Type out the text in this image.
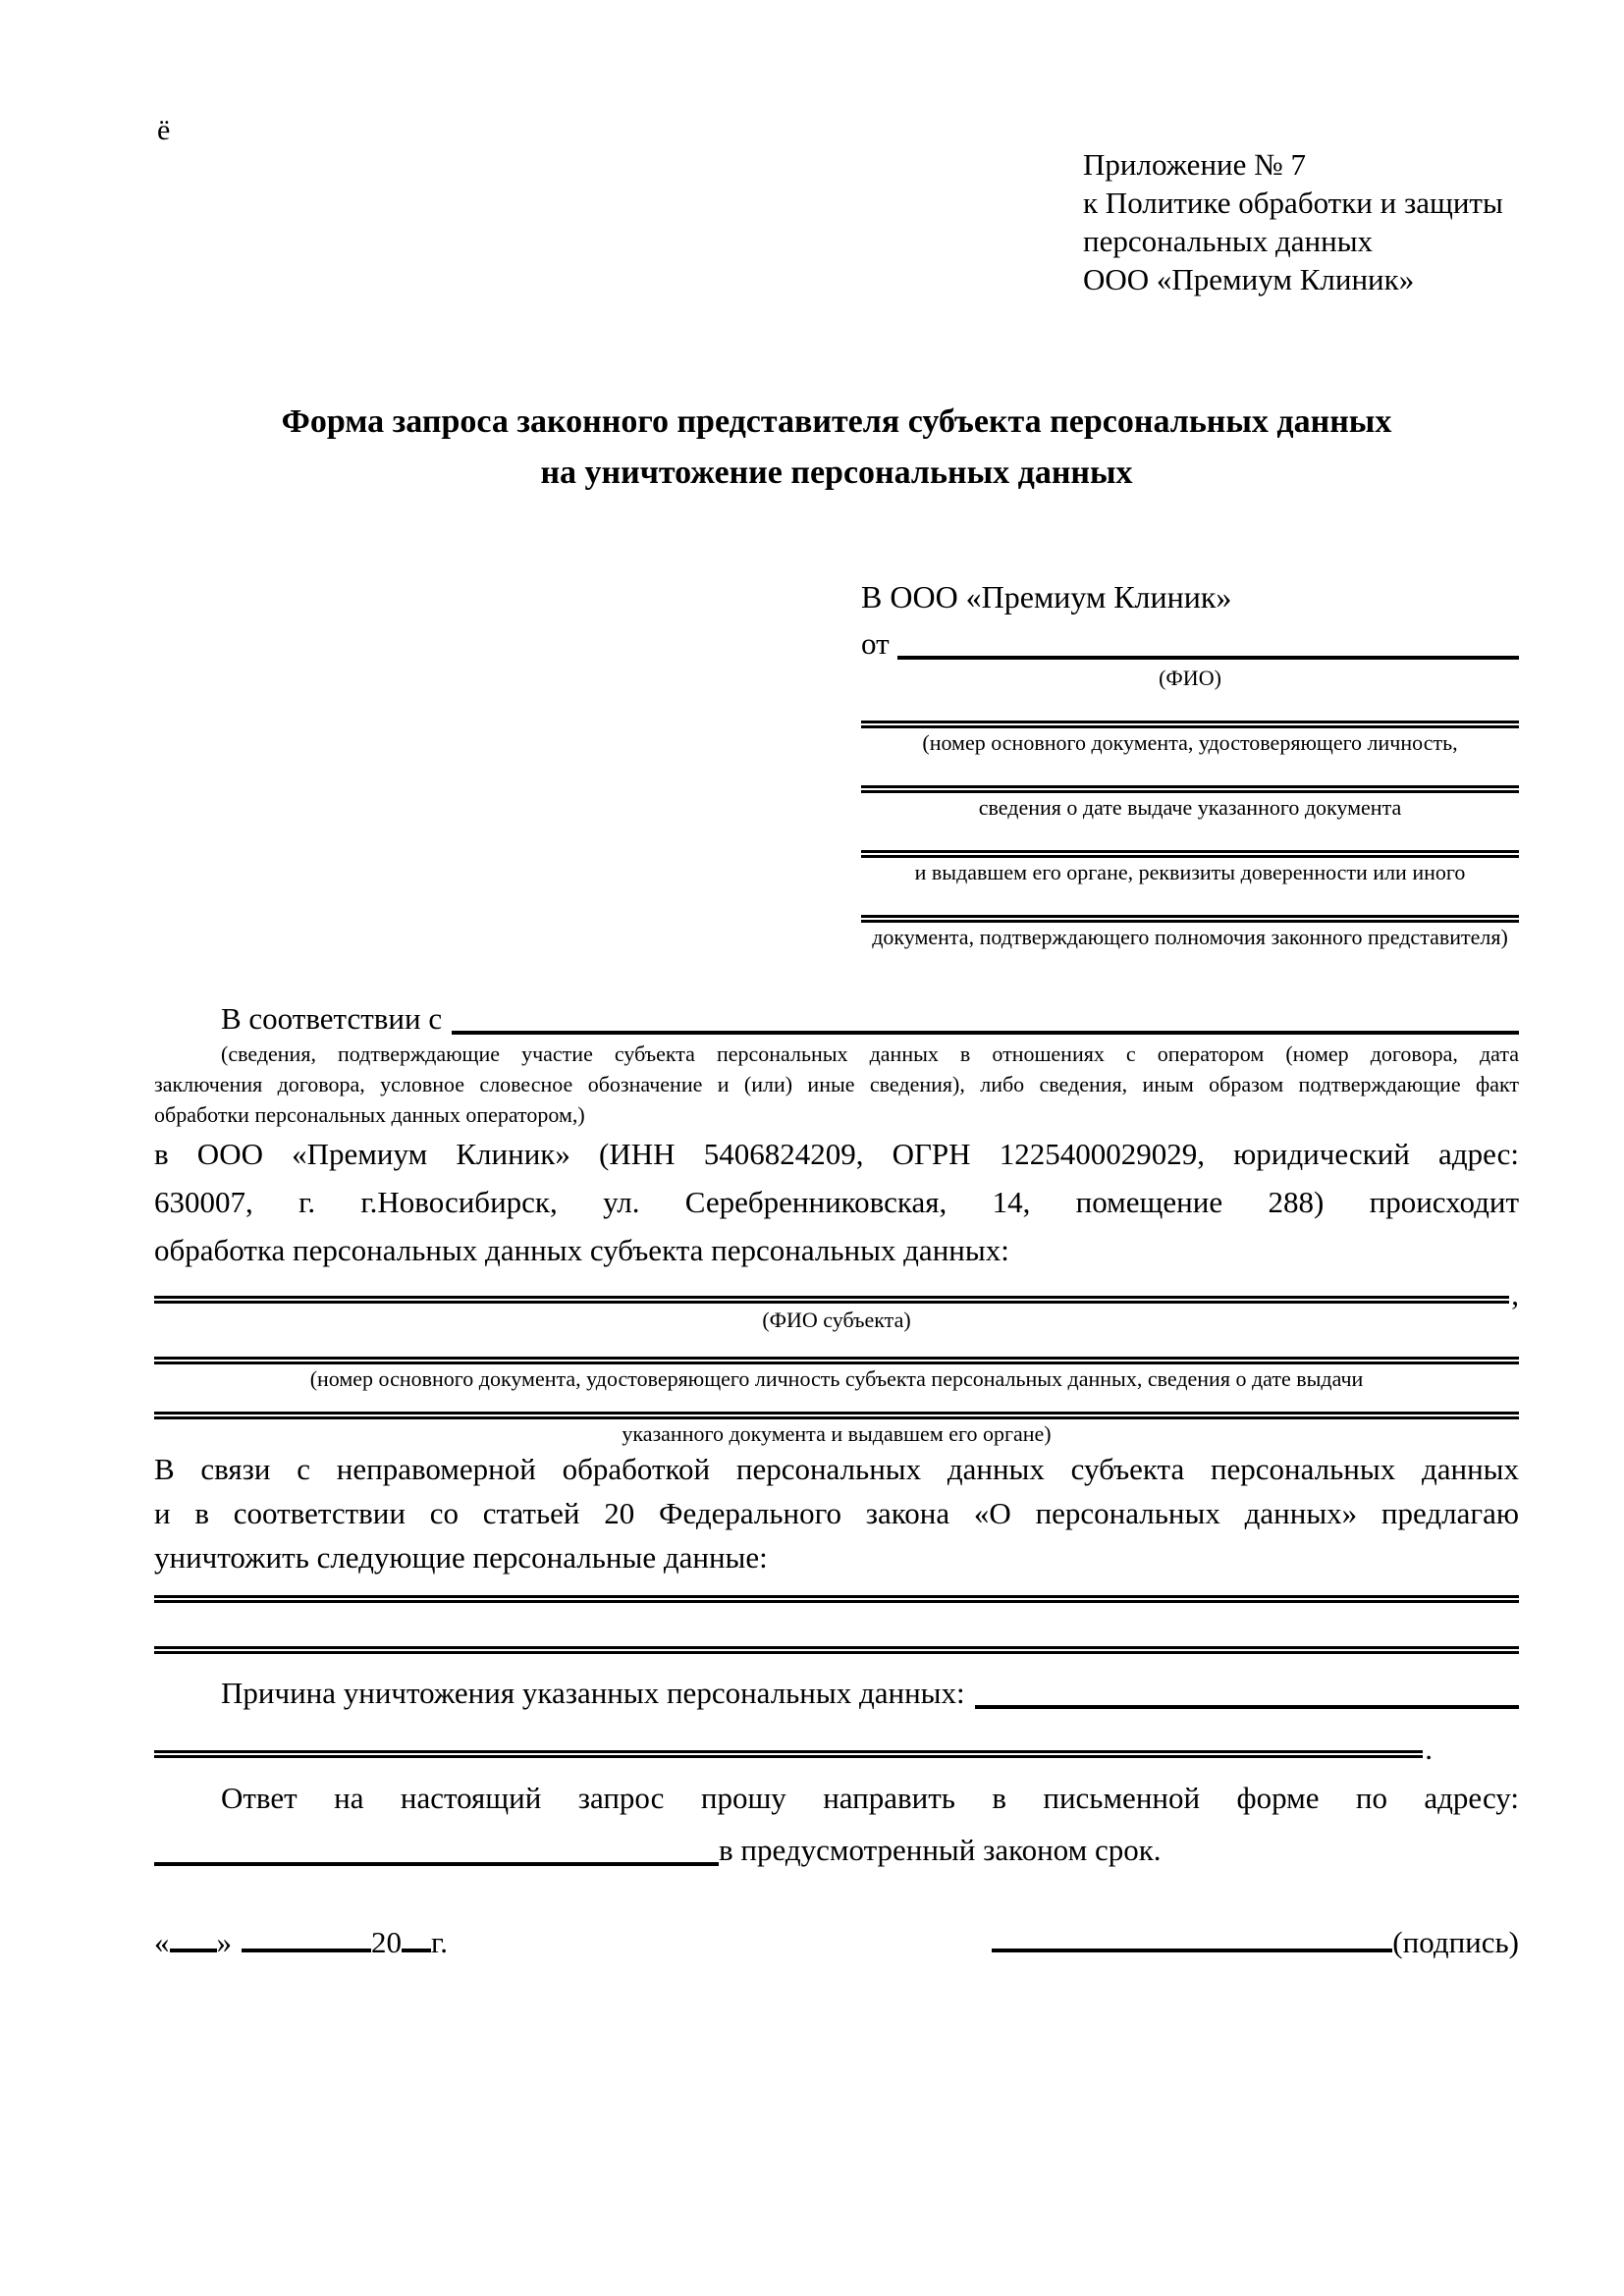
ё
Приложение № 7
к Политике обработки и защиты
персональных данных
ООО «Премиум Клиник»
Форма запроса законного представителя субъекта персональных данных
на уничтожение персональных данных
В ООО «Премиум Клиник»
от
(ФИО)
(номер основного документа, удостоверяющего личность,
сведения о дате выдаче указанного документа
и выдавшем его органе, реквизиты доверенности или иного
документа, подтверждающего полномочия законного представителя)
В соответствии с
(сведения, подтверждающие участие субъекта персональных данных в отношениях с оператором (номер договора, дата
заключения договора, условное словесное обозначение и (или) иные сведения), либо сведения, иным образом подтверждающие факт
обработки персональных данных оператором,)
в ООО «Премиум Клиник» (ИНН 5406824209, ОГРН 1225400029029, юридический адрес:
630007, г. г.Новосибирск, ул. Серебренниковская, 14, помещение 288) происходит
обработка персональных данных субъекта персональных данных:
,
(ФИО субъекта)
(номер основного документа, удостоверяющего личность субъекта персональных данных, сведения о дате выдачи
указанного документа и выдавшем его органе)
В связи с неправомерной обработкой персональных данных субъекта персональных данных
и в соответствии со статьей 20 Федерального закона «О персональных данных» предлагаю
уничтожить следующие персональные данные:
Причина уничтожения указанных персональных данных:
.
Ответ на настоящий запрос прошу направить в письменной форме по адресу:
в предусмотренный законом срок.
« »	20 г.	(подпись)
